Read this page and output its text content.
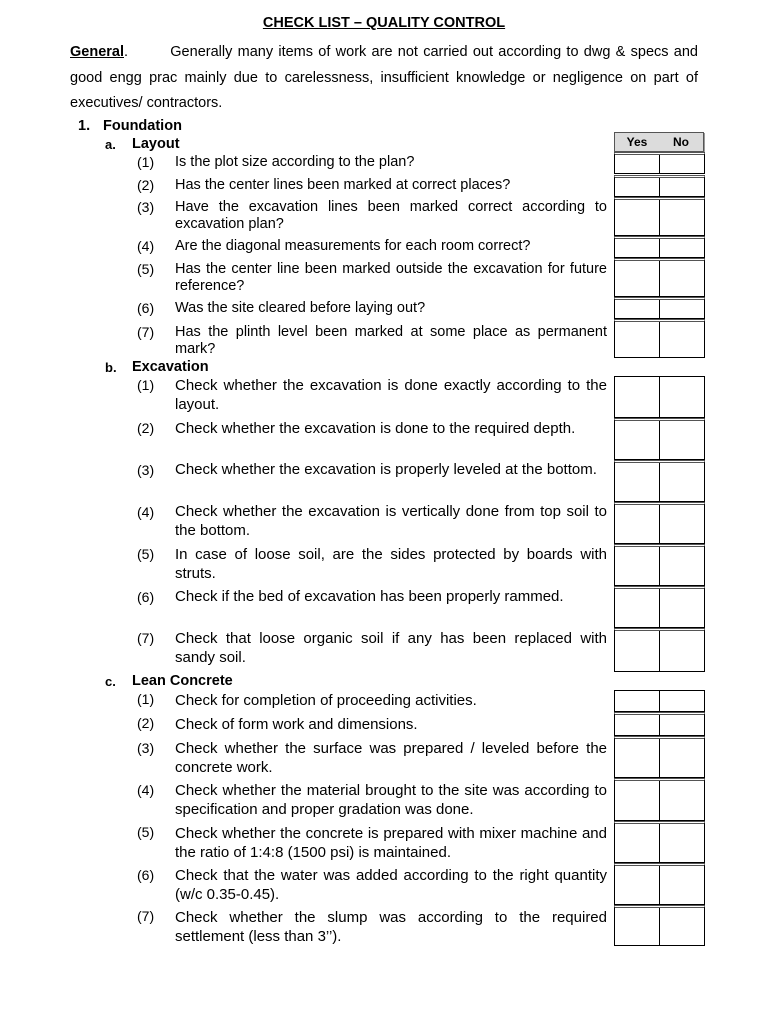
CHECK LIST – QUALITY CONTROL
General.        Generally many items of work are not carried out according to dwg & specs and good engg prac mainly due to carelessness, insufficient knowledge or negligence on part of executives/ contractors.
1. Foundation
Yes	No
a. Layout
(1) Is the plot size according to the plan?
(2) Has the center lines been marked at correct places?
(3) Have the excavation lines been marked correct according to excavation plan?
(4) Are the diagonal measurements for each room correct?
(5) Has the center line been marked outside the excavation for future reference?
(6) Was the site cleared before laying out?
(7) Has the plinth level been marked at some place as permanent mark?
b. Excavation
(1) Check whether the excavation is done exactly according to the layout.
(2) Check whether the excavation is done to the required depth.
(3) Check whether the excavation is properly leveled at the bottom.
(4) Check whether the excavation is vertically done from top soil to the bottom.
(5) In case of loose soil, are the sides protected by boards with struts.
(6) Check if the bed of excavation has been properly rammed.
(7) Check that loose organic soil if any has been replaced with sandy soil.
c. Lean Concrete
(1) Check for completion of proceeding activities.
(2) Check of form work and dimensions.
(3) Check whether the surface was prepared / leveled before the concrete work.
(4) Check whether the material brought to the site was according to specification and proper gradation was done.
(5) Check whether the concrete is prepared with mixer machine and the ratio of 1:4:8 (1500 psi) is maintained.
(6) Check that the water was added according to the right quantity (w/c 0.35-0.45).
(7) Check whether the slump was according to the required settlement (less than 3’’).
